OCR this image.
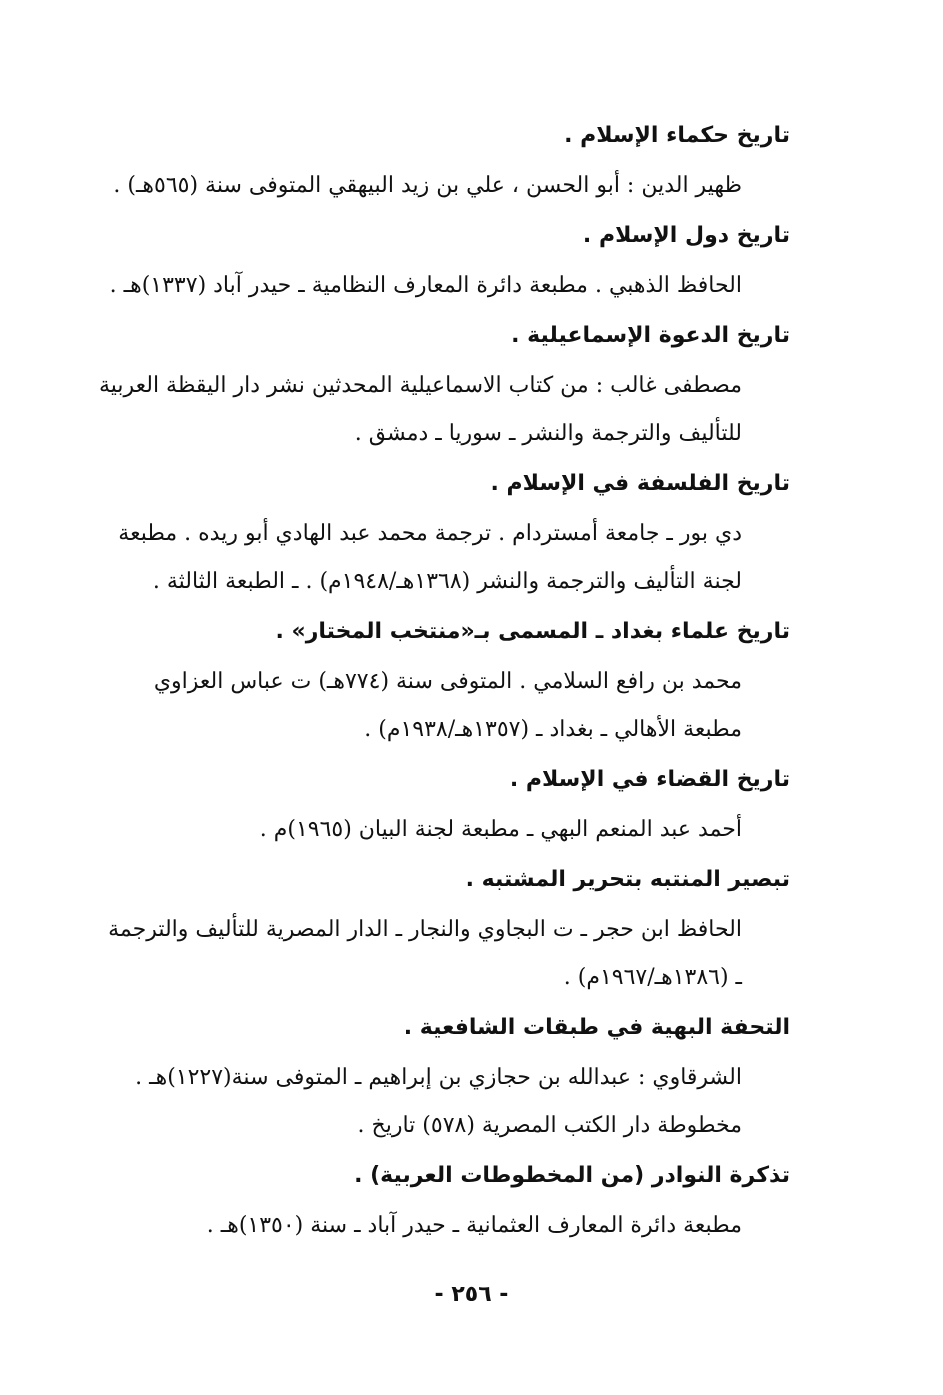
تاريخ حكماء الإسلام .

ظهير الدين : أبو الحسن ، علي بن زيد البيهقي المتوفى سنة (٥٦٥هـ) .

تاريخ دول الإسلام .

الحافظ الذهبي . مطبعة دائرة المعارف النظامية ـ حيدر آباد (١٣٣٧)هـ .

تاريخ الدعوة الإسماعيلية .

مصطفى غالب : من كتاب الاسماعيلية المحدثين نشر دار اليقظة العربية
للتأليف والترجمة والنشر ـ سوريا ـ دمشق .

تاريخ الفلسفة في الإسلام .

دي بور ـ جامعة أمستردام . ترجمة محمد عبد الهادي أبو ريده . مطبعة
لجنة التأليف والترجمة والنشر (١٣٦٨هـ/١٩٤٨م) . ـ الطبعة الثالثة .

تاريخ علماء بغداد ـ المسمى بـ«منتخب المختار» .

محمد بن رافع السلامي . المتوفى سنة (٧٧٤هـ) ت عباس العزاوي
مطبعة الأهالي ـ بغداد ـ (١٣٥٧هـ/١٩٣٨م) .

تاريخ القضاء في الإسلام .

أحمد عبد المنعم البهي ـ مطبعة لجنة البيان (١٩٦٥)م .

تبصير المنتبه بتحرير المشتبه .

الحافظ ابن حجر ـ ت البجاوي والنجار ـ الدار المصرية للتأليف والترجمة
ـ (١٣٨٦هـ/١٩٦٧م) .

التحفة البهية في طبقات الشافعية .

الشرقاوي : عبدالله بن حجازي بن إبراهيم ـ المتوفى سنة(١٢٢٧)هـ .
مخطوطة دار الكتب المصرية (٥٧٨) تاريخ .

تذكرة النوادر (من المخطوطات العربية) .

مطبعة دائرة المعارف العثمانية ـ حيدر آباد ـ سنة (١٣٥٠)هـ .
- ٢٥٦ -
